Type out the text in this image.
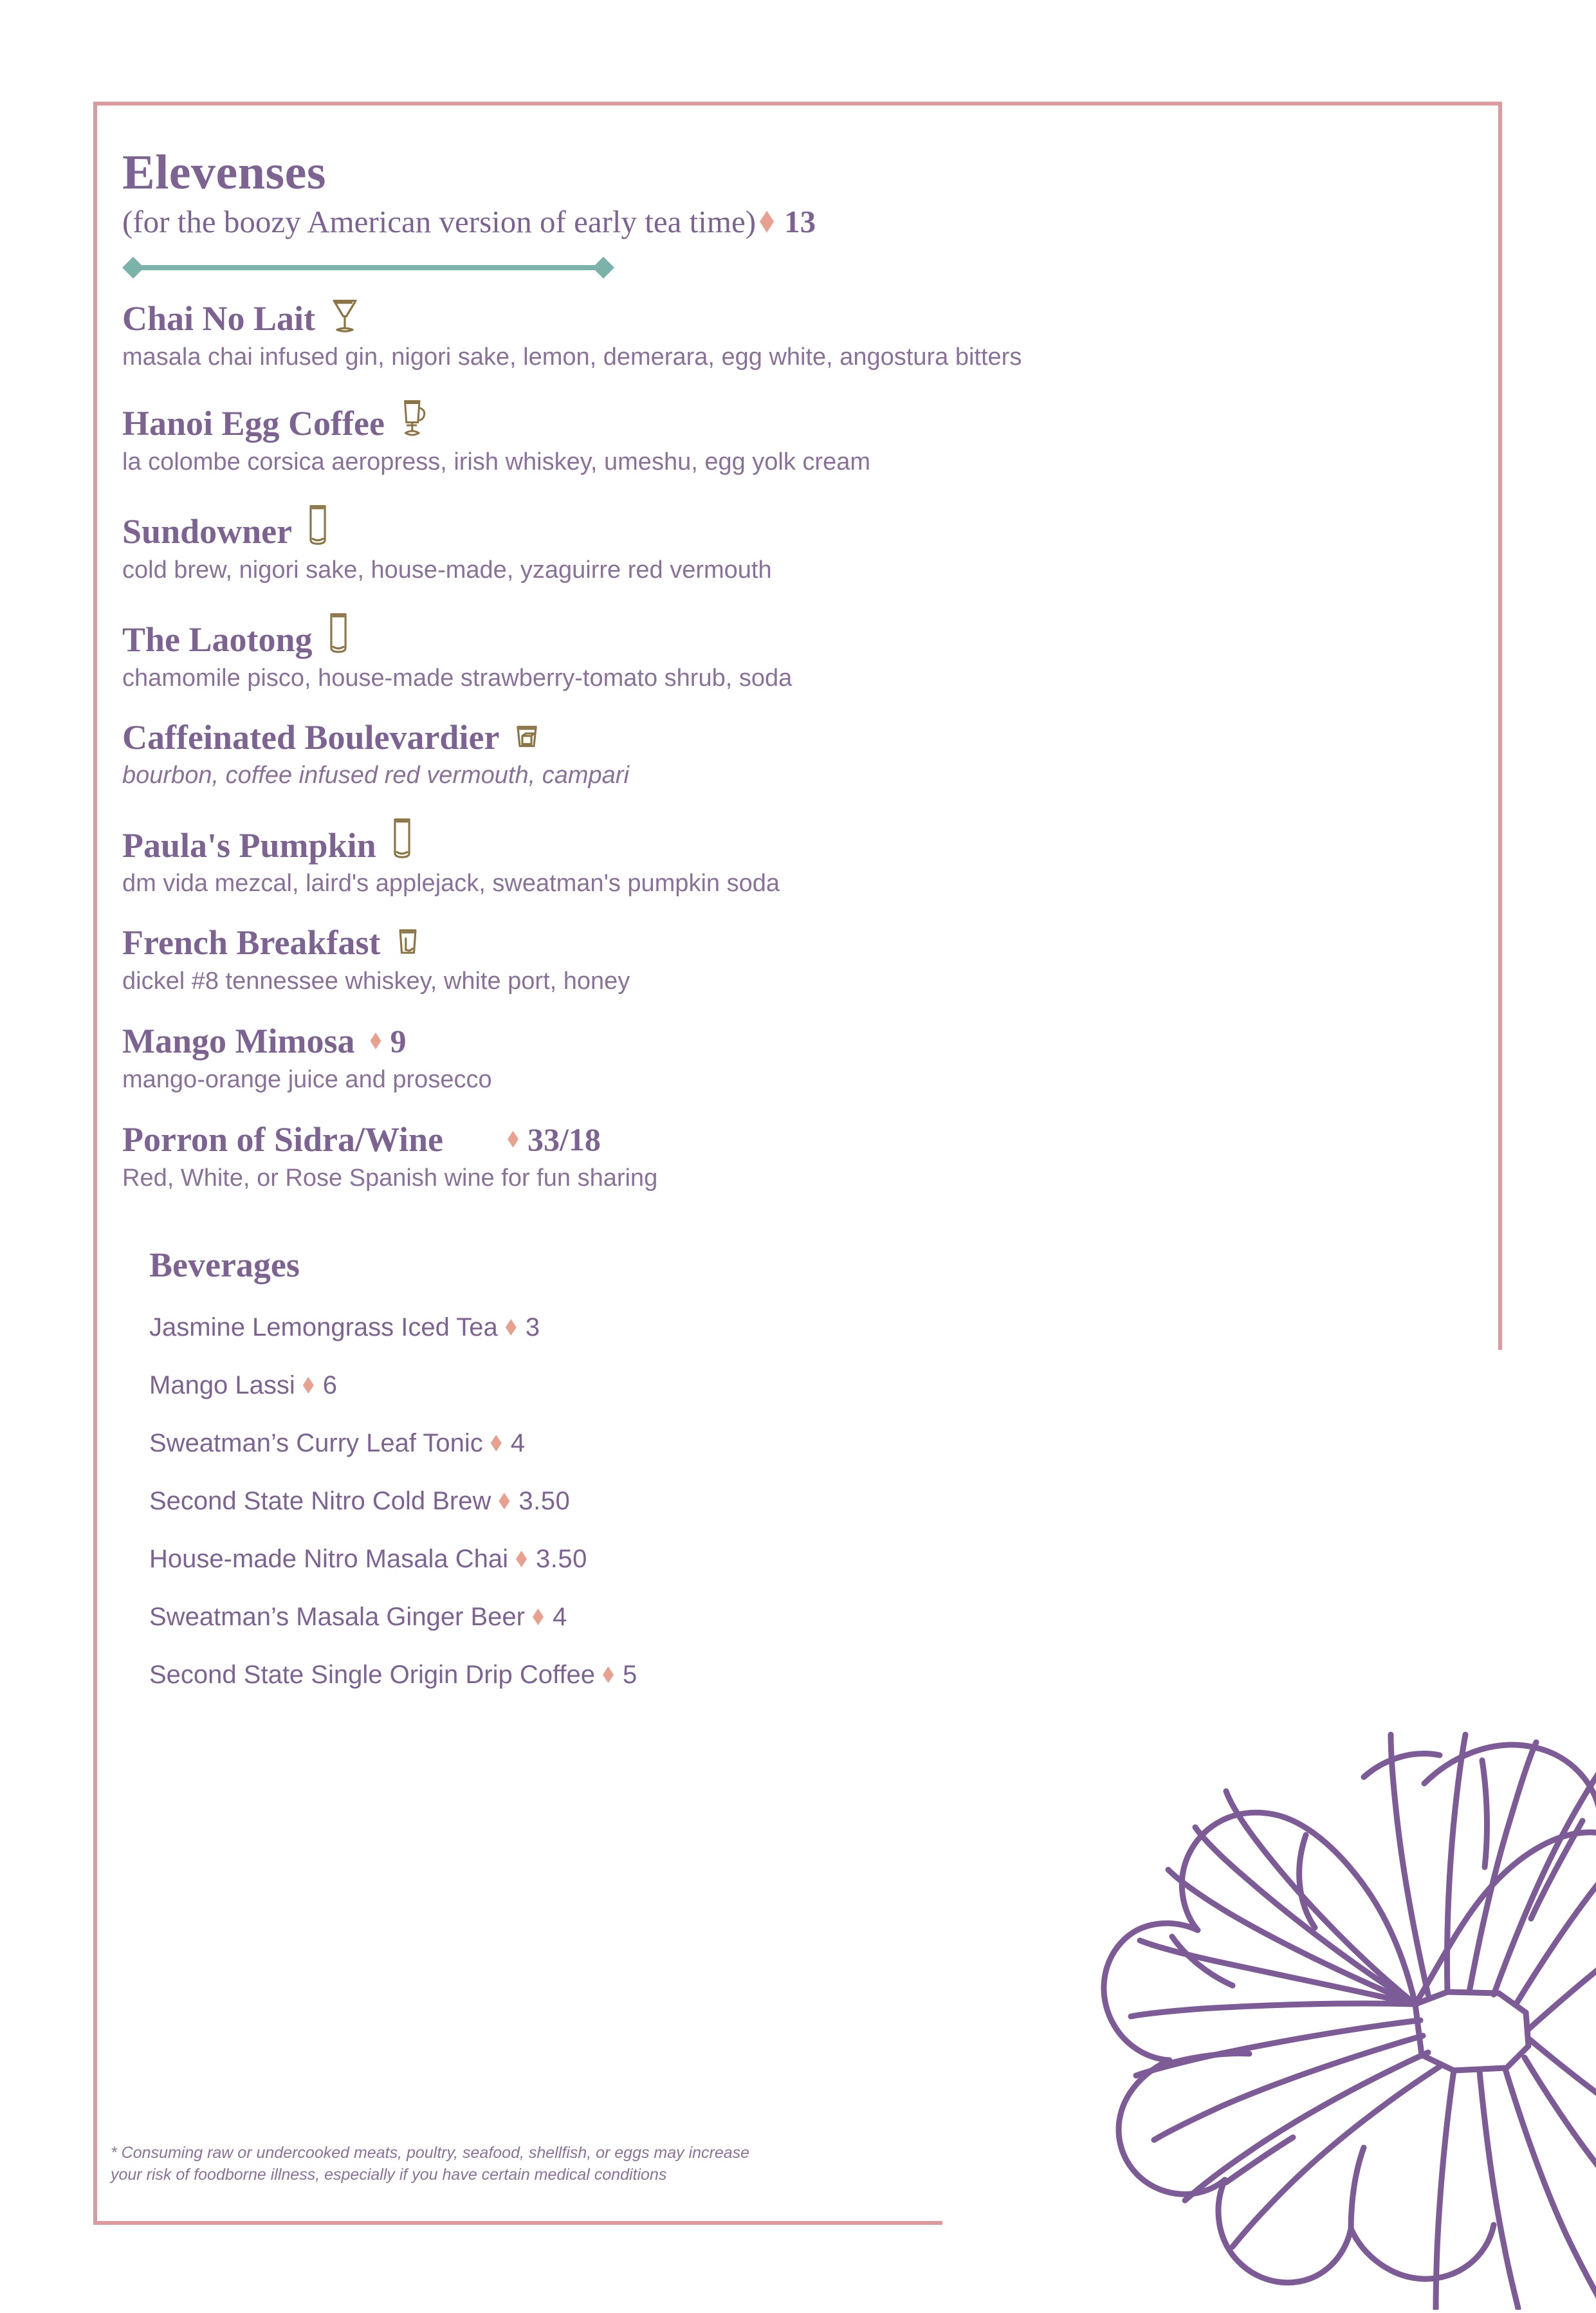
Elevenses
(for the boozy American version of early tea time) 13
Chai No Lait
masala chai infused gin, nigori sake, lemon, demerara, egg white, angostura bitters
Hanoi Egg Coffee
la colombe corsica aeropress, irish whiskey, umeshu, egg yolk cream
Sundowner
cold brew, nigori sake, house-made, yzaguirre red vermouth
The Laotong
chamomile pisco, house-made strawberry-tomato shrub, soda
Caffeinated Boulevardier
bourbon, coffee infused red vermouth, campari
Paula's Pumpkin
dm vida mezcal, laird's applejack, sweatman's pumpkin soda
French Breakfast
dickel #8 tennessee whiskey, white port, honey
Mango Mimosa 9
mango-orange juice and prosecco
Porron of Sidra/Wine	33/18
Red, White, or Rose Spanish wine for fun sharing
Beverages
Jasmine Lemongrass Iced Tea 3
Mango Lassi 6
Sweatman’s Curry Leaf Tonic 4
Second State Nitro Cold Brew 3.50
House-made Nitro Masala Chai 3.50
Sweatman’s Masala Ginger Beer 4
Second State Single Origin Drip Coffee 5
* Consuming raw or undercooked meats, poultry, seafood, shellfish, or eggs may increase
your risk of foodborne illness, especially if you have certain medical conditions
